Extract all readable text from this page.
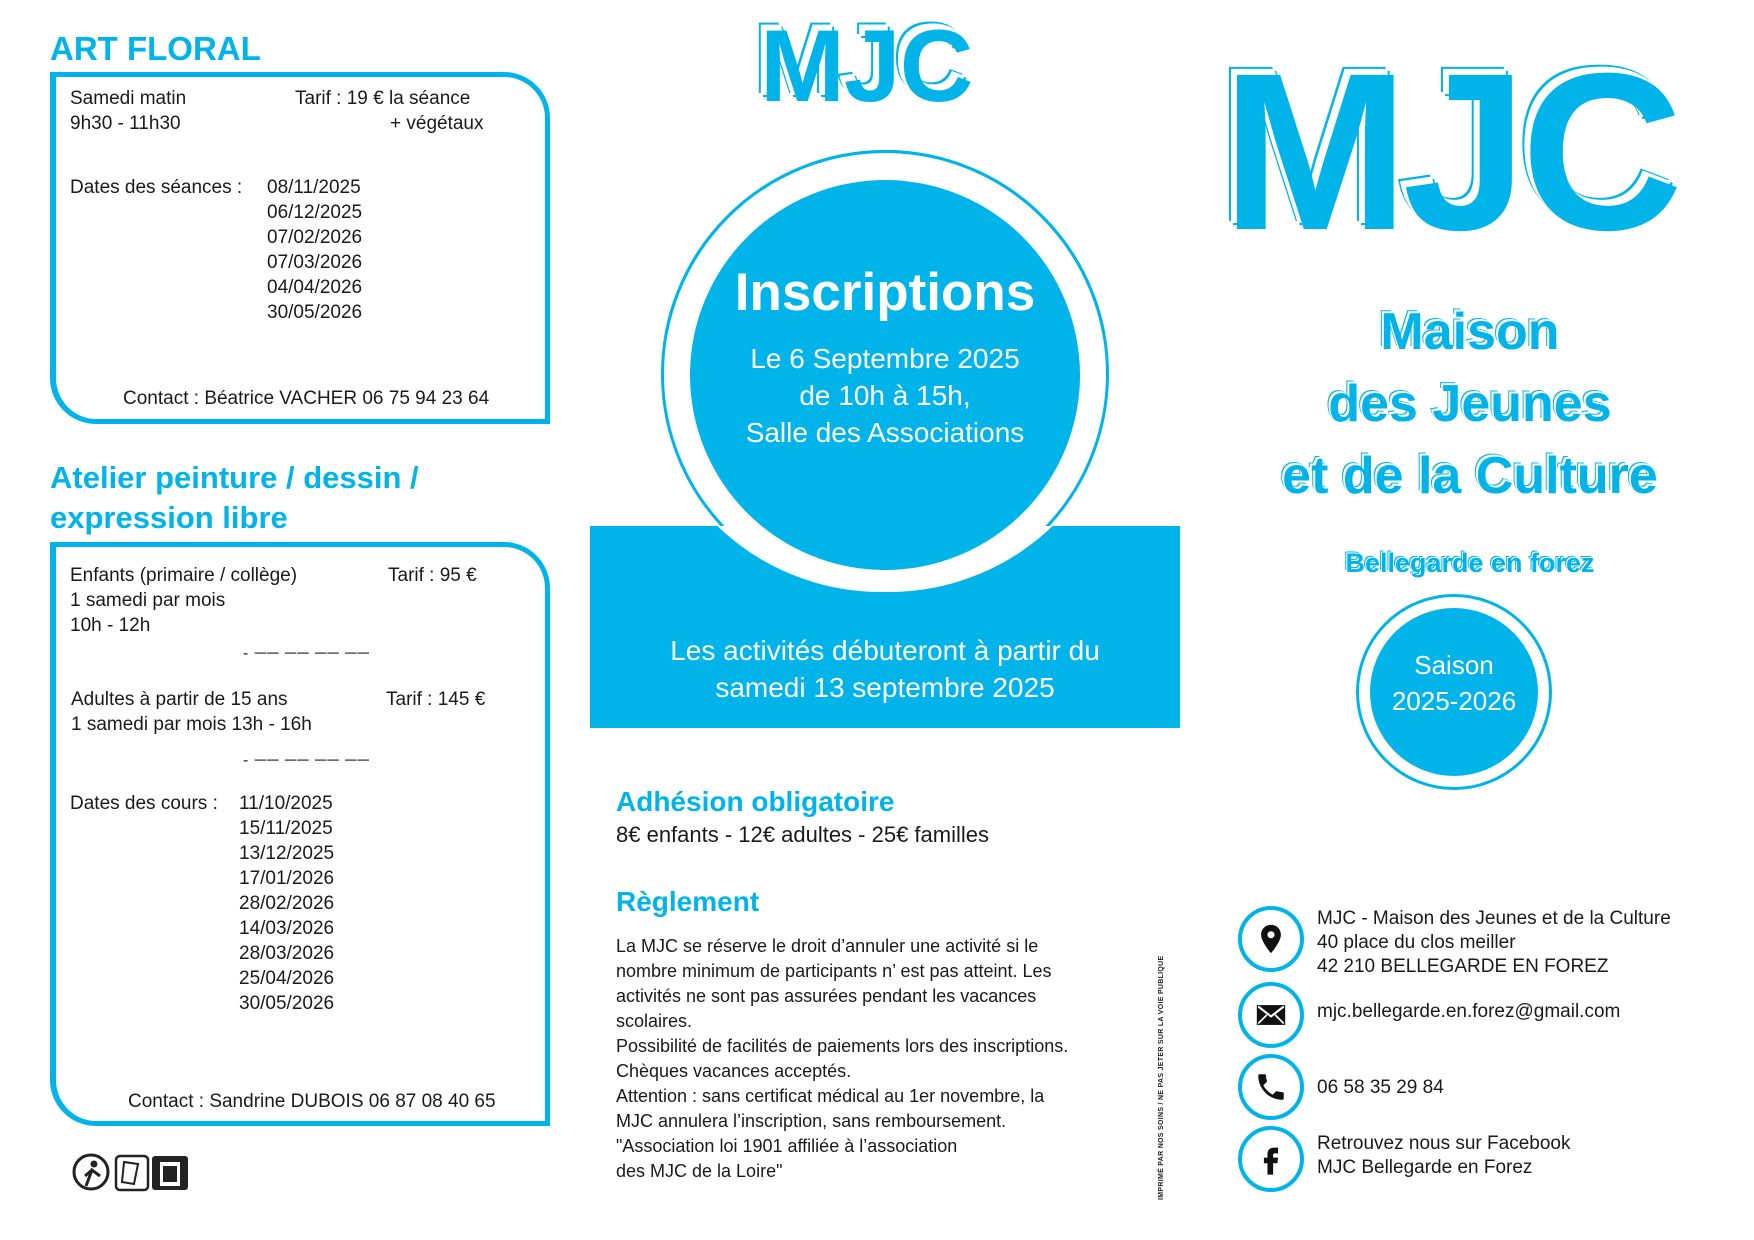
ART FLORAL
Samedi matin
9h30 - 11h30
Tarif : 19 € la séance
+ végétaux
Dates des séances : 08/11/2025
06/12/2025
07/02/2026
07/03/2026
04/04/2026
30/05/2026
Contact : Béatrice VACHER 06 75 94 23 64
Atelier peinture / dessin /
expression libre
Enfants (primaire / collège)	Tarif : 95 €
1 samedi par mois
10h - 12h
- ── ── ── ──
Adultes à partir de 15 ans	Tarif : 145 €
1 samedi par mois 13h - 16h
- ── ── ── ──
Dates des cours : 11/10/2025
15/11/2025
13/12/2025
17/01/2026
28/02/2026
14/03/2026
28/03/2026
25/04/2026
30/05/2026
Contact : Sandrine DUBOIS 06 87 08 40 65
MJC
Inscriptions
Le 6 Septembre 2025
de 10h à 15h,
Salle des Associations
Les activités débuteront à partir du
samedi 13 septembre 2025
Adhésion obligatoire
8€ enfants - 12€ adultes - 25€ familles
Règlement
La MJC se réserve le droit d’annuler une activité si le
nombre minimum de participants n’ est pas atteint. Les
activités ne sont pas assurées pendant les vacances
scolaires.
Possibilité de facilités de paiements lors des inscriptions.
Chèques vacances acceptés.
Attention : sans certificat médical au 1er novembre, la
MJC annulera l’inscription, sans remboursement.
"Association loi 1901 affiliée à l’association
des MJC de la Loire"	IMPRIMÉ PAR NOS SOINS / NE PAS JETER SUR LA VOIE PUBLIQUE
MJC
Maison
des Jeunes
et de la Culture
Bellegarde en forez
Saison
2025-2026
MJC - Maison des Jeunes et de la Culture
40 place du clos meiller
42 210 BELLEGARDE EN FOREZ
mjc.bellegarde.en.forez@gmail.com
06 58 35 29 84
Retrouvez nous sur Facebook
MJC Bellegarde en Forez
